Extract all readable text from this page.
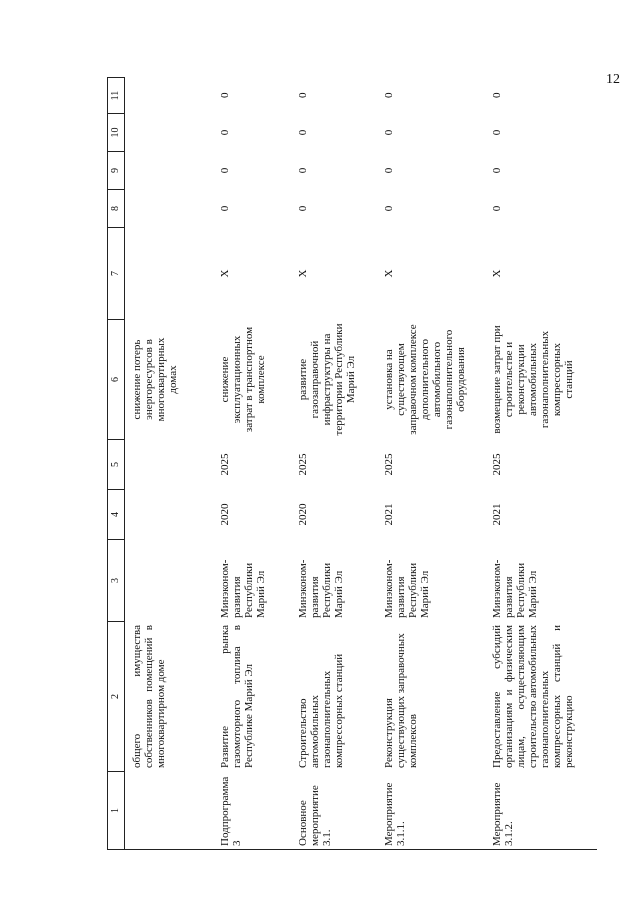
12
1	2	3	4	5	6	7	8	9	10	11
	общего имущества собственников помещений в многоквартирном доме				снижение потерь энергоресурсов в многоквартирных домах					
Подпрограмма 3	Развитие рынка газомоторного топлива в Республике Марий Эл	Минэконом-развития Республики Марий Эл	2020	2025	снижение эксплуатационных затрат в транспортном комплексе	X	0	0	0	0
Основное мероприятие 3.1.	Строительство автомобильных газонаполнительных компрессорных станций	Минэконом-развития Республики Марий Эл	2020	2025	развитие газозаправочной инфраструктуры на территории Республики Марий Эл	X	0	0	0	0
Мероприятие 3.1.1.	Реконструкция существующих заправочных комплексов	Минэконом-развития Республики Марий Эл	2021	2025	установка на существующем заправочном комплексе дополнительного автомобильного газонаполнительного оборудования	X	0	0	0	0
Мероприятие 3.1.2.	Предоставление субсидий организациям и физическим лицам, осуществляющим строительство автомобильных газонаполнительных компрессорных станций и реконструкцию	Минэконом-развития Республики Марий Эл	2021	2025	возмещение затрат при строительстве и реконструкции автомобильных газонаполнительных компрессорных станций	X	0	0	0	0
